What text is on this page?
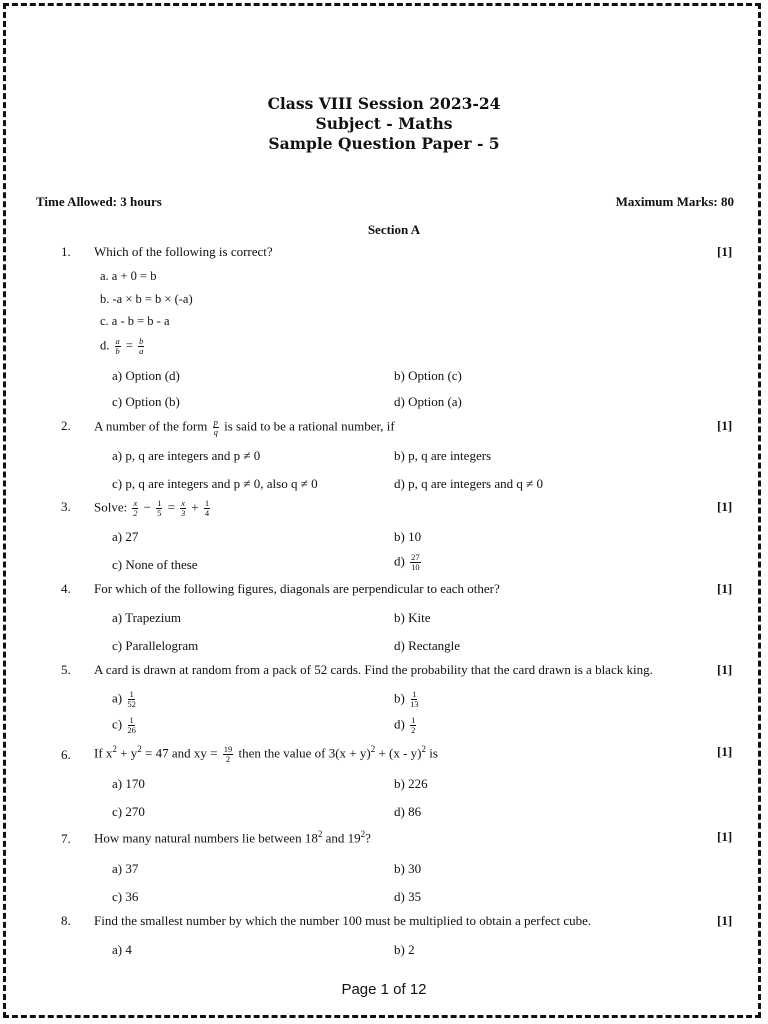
Class VIII Session 2023-24
Subject - Maths
Sample Question Paper - 5
Time Allowed: 3 hours	Maximum Marks: 80
Section A
1. Which of the following is correct?	[1]
a. a + 0 = b
b. -a × b = b × (-a)
c. a - b = b - a
d. $\frac{a}{b} = \frac{b}{a}$
a) Option (d)	b) Option (c)
c) Option (b)	d) Option (a)
2. A number of the form $\frac{p}{q}$ is said to be a rational number, if	[1]
a) p, q are integers and p ≠ 0	b) p, q are integers
c) p, q are integers and p ≠ 0, also q ≠ 0	d) p, q are integers and q ≠ 0
3. Solve: $\frac{x}{2} - \frac{1}{5} = \frac{x}{3} + \frac{1}{4}$	[1]
a) 27	b) 10
c) None of these	$d) \frac{27}{10}$
4. For which of the following figures, diagonals are perpendicular to each other?	[1]
a) Trapezium	b) Kite
c) Parallelogram	d) Rectangle
5. A card is drawn at random from a pack of 52 cards. Find the probability that the card drawn is a black king.	[1]
$a) \frac{1}{52}$	$b) \frac{1}{13}$
$c) \frac{1}{26}$	$d) \frac{1}{2}$
6. If $x^2 + y^2 = 47$ and xy = $\frac{19}{2}$ then the value of $3(x + y)^2 + (x - y)^2$ is	[1]
a) 170	b) 226
c) 270	d) 86
7. How many natural numbers lie between $18^2$ and $19^2$?	[1]
a) 37	b) 30
c) 36	d) 35
8. Find the smallest number by which the number 100 must be multiplied to obtain a perfect cube.	[1]
a) 4	b) 2
Page 1 of 12
